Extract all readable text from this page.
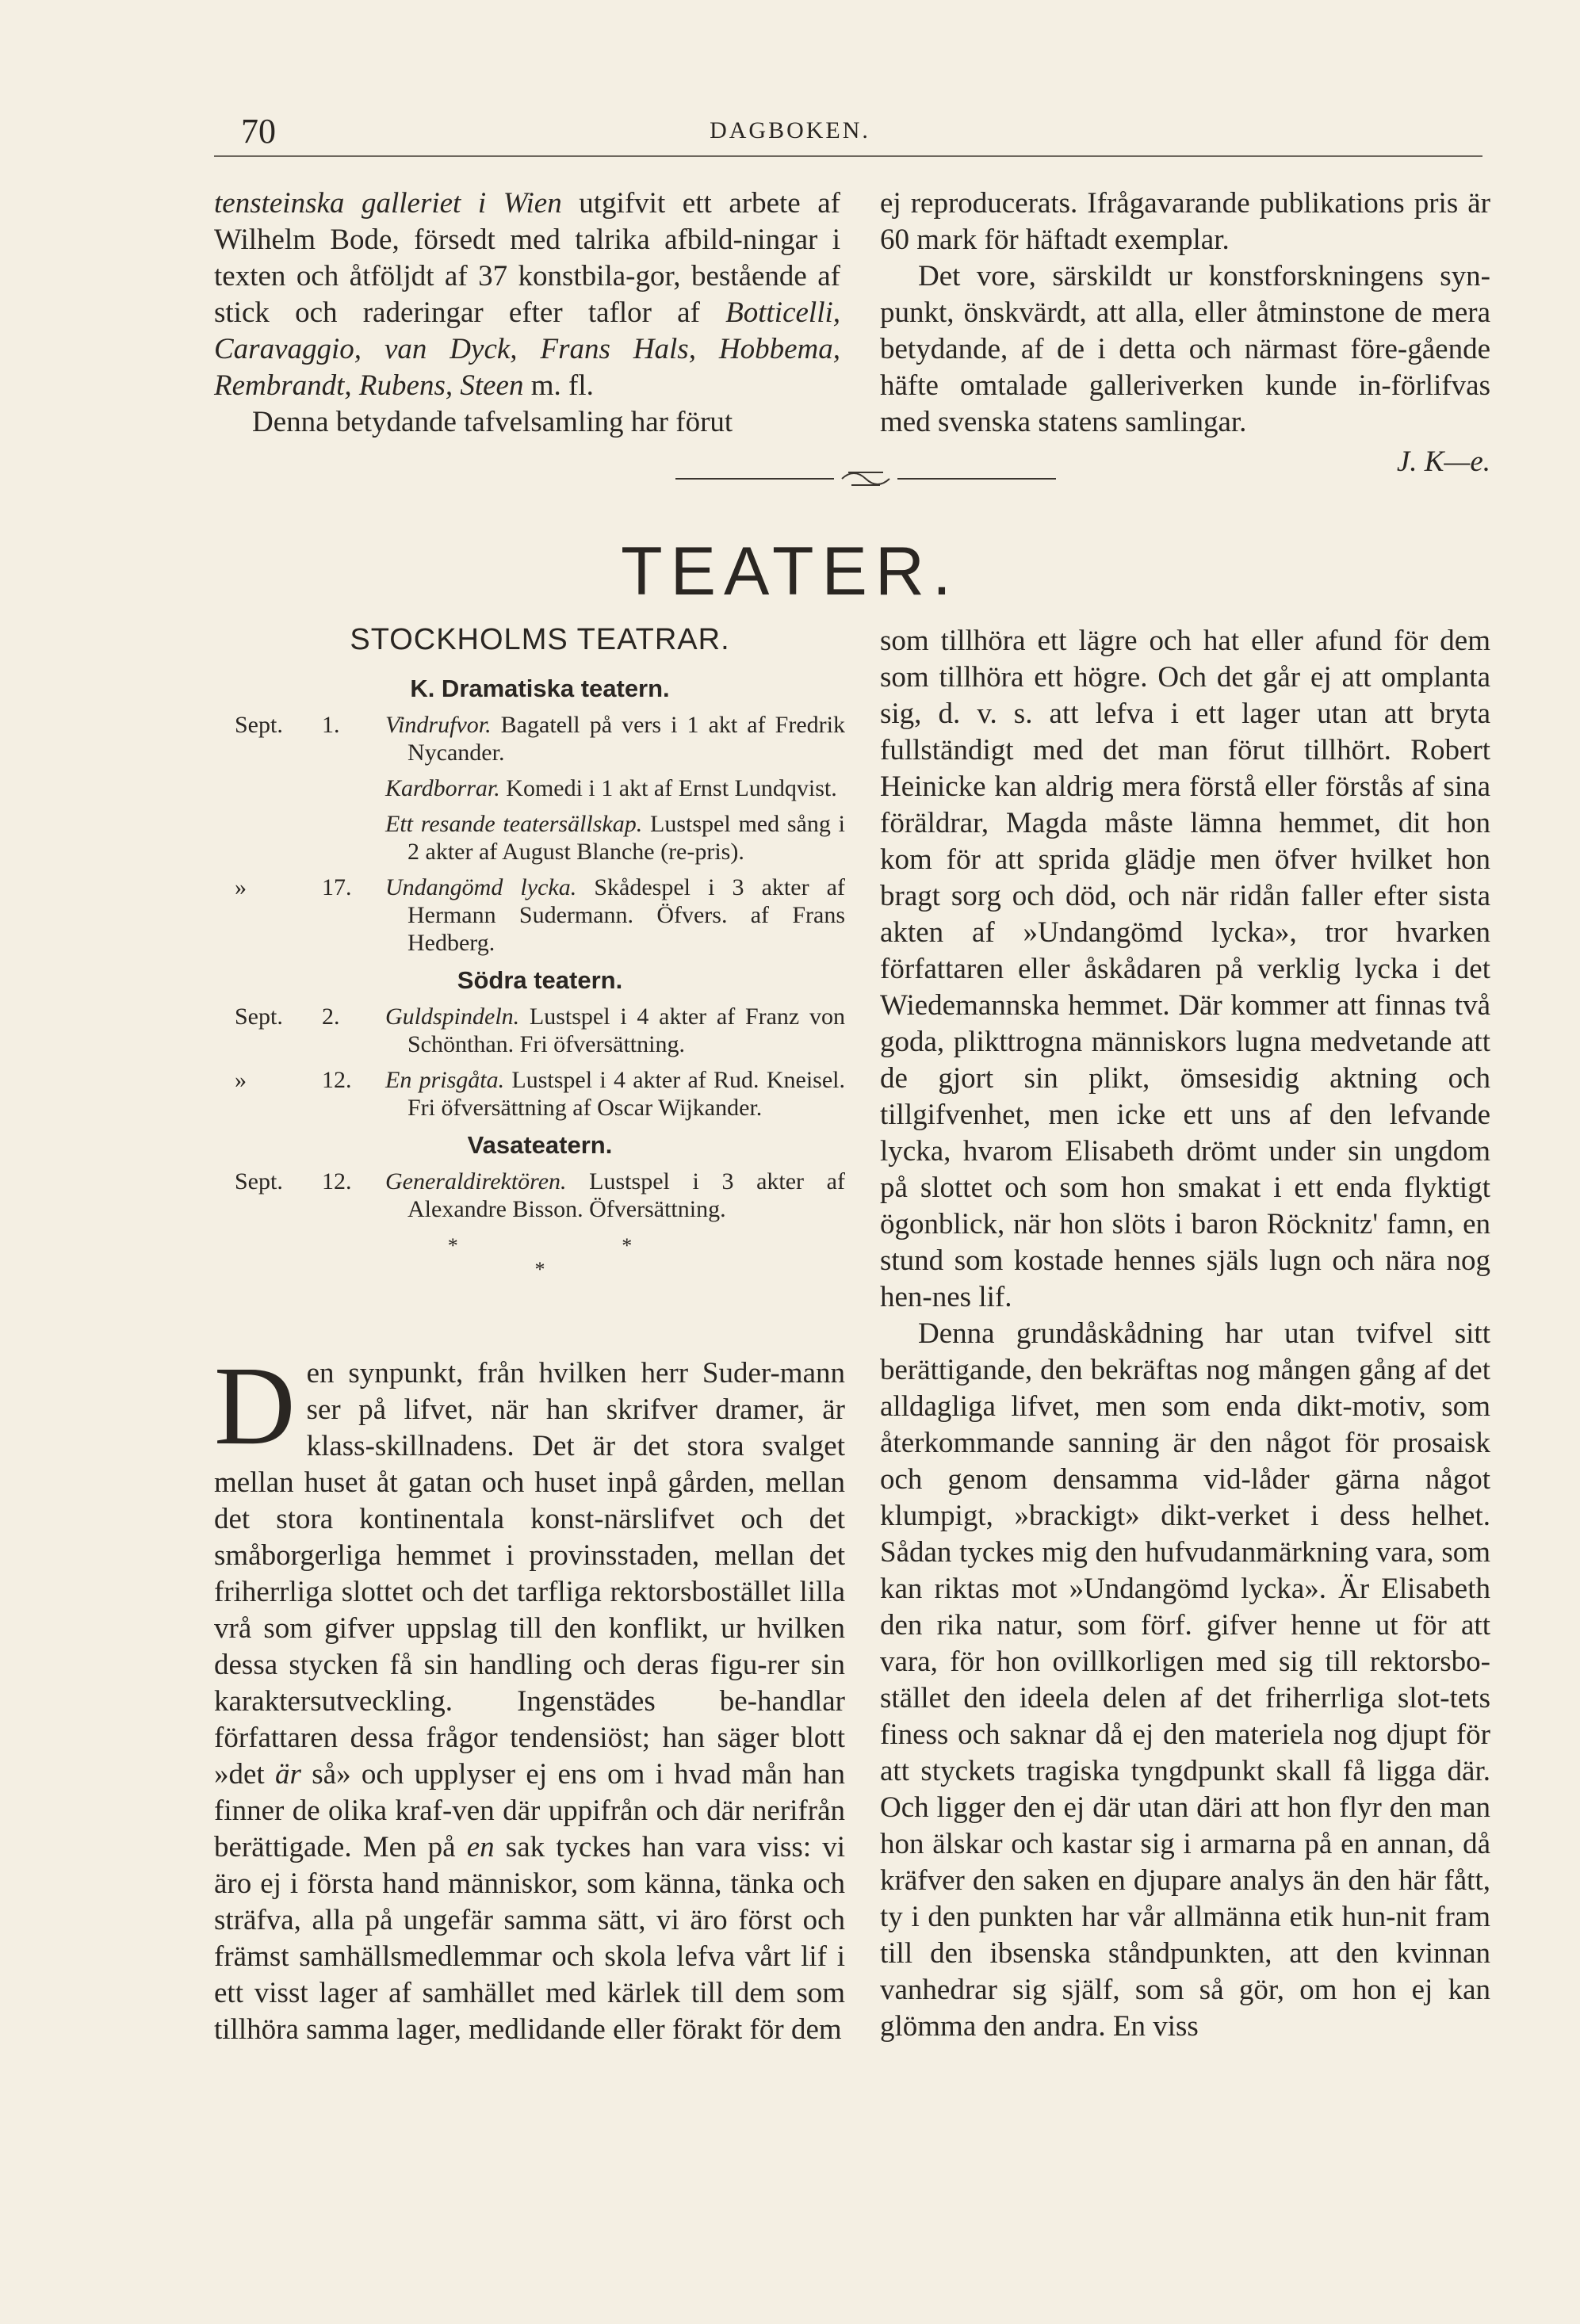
70	DAGBOKEN.

tensteinska galleriet i Wien utgifvit ett arbete af Wilhelm Bode, försedt med talrika afbild-ningar i texten och åtföljdt af 37 konstbila-gor, bestående af stick och raderingar efter taflor af Botticelli, Caravaggio, van Dyck, Frans Hals, Hobbema, Rembrandt, Rubens, Steen m. fl.

Denna betydande tafvelsamling har förut

ej reproducerats. Ifrågavarande publikations pris är 60 mark för häftadt exemplar.

Det vore, särskildt ur konstforskningens syn-punkt, önskvärdt, att alla, eller åtminstone de mera betydande, af de i detta och närmast före-gående häfte omtalade galleriverken kunde in-förlifvas med svenska statens samlingar.

J. K—e.

TEATER.
STOCKHOLMS TEATRAR.
K. Dramatiska teatern.
Sept.	1.	Vindrufvor. Bagatell på vers i 1 akt af Fredrik Nycander.
Kardborrar. Komedi i 1 akt af Ernst Lundqvist.
Ett resande teatersällskap. Lustspel med sång i 2 akter af August Blanche (re-pris).
»	17.	Undangömd lycka. Skådespel i 3 akter af Hermann Sudermann. Öfvers. af Frans Hedberg.
Södra teatern.
Sept.	2.	Guldspindeln. Lustspel i 4 akter af Franz von Schönthan. Fri öfversättning.
»	12.	En prisgåta. Lustspel i 4 akter af Rud. Kneisel. Fri öfversättning af Oscar Wijkander.
Vasateatern.
Sept.	12.	Generaldirektören. Lustspel i 3 akter af Alexandre Bisson. Öfversättning.
* *
*

Den synpunkt, från hvilken herr Suder-mann ser på lifvet, när han skrifver dramer, är klass-skillnadens. Det är det stora svalget mellan huset åt gatan och huset inpå gården, mellan det stora kontinentala konst-närslifvet och det småborgerliga hemmet i provinsstaden, mellan det friherrliga slottet och det tarfliga rektorsbostället lilla vrå som gifver uppslag till den konflikt, ur hvilken dessa stycken få sin handling och deras figu-rer sin karaktersutveckling. Ingenstädes be-handlar författaren dessa frågor tendensiöst; han säger blott »det är så» och upplyser ej ens om i hvad mån han finner de olika kraf-ven där uppifrån och där nerifrån berättigade. Men på en sak tyckes han vara viss: vi äro ej i första hand människor, som känna, tänka och sträfva, alla på ungefär samma sätt, vi äro först och främst samhällsmedlemmar och skola lefva vårt lif i ett visst lager af samhället med kärlek till dem som tillhöra samma lager, medlidande eller förakt för dem

som tillhöra ett lägre och hat eller afund för dem som tillhöra ett högre. Och det går ej att omplanta sig, d. v. s. att lefva i ett lager utan att bryta fullständigt med det man förut tillhört. Robert Heinicke kan aldrig mera förstå eller förstås af sina föräldrar, Magda måste lämna hemmet, dit hon kom för att sprida glädje men öfver hvilket hon bragt sorg och död, och när ridån faller efter sista akten af »Undangömd lycka», tror hvarken författaren eller åskådaren på verklig lycka i det Wiedemannska hemmet. Där kommer att finnas två goda, plikttrogna människors lugna medvetande att de gjort sin plikt, ömsesidig aktning och tillgifvenhet, men icke ett uns af den lefvande lycka, hvarom Elisabeth drömt under sin ungdom på slottet och som hon smakat i ett enda flyktigt ögonblick, när hon slöts i baron Röcknitz' famn, en stund som kostade hennes själs lugn och nära nog hen-nes lif.

Denna grundåskådning har utan tvifvel sitt berättigande, den bekräftas nog mången gång af det alldagliga lifvet, men som enda dikt-motiv, som återkommande sanning är den något för prosaisk och genom densamma vid-låder gärna något klumpigt, »brackigt» dikt-verket i dess helhet. Sådan tyckes mig den hufvudanmärkning vara, som kan riktas mot »Undangömd lycka». Är Elisabeth den rika natur, som förf. gifver henne ut för att vara, för hon ovillkorligen med sig till rektorsbo-stället den ideela delen af det friherrliga slot-tets finess och saknar då ej den materiela nog djupt för att styckets tragiska tyngdpunkt skall få ligga där. Och ligger den ej där utan däri att hon flyr den man hon älskar och kastar sig i armarna på en annan, då kräfver den saken en djupare analys än den här fått, ty i den punkten har vår allmänna etik hun-nit fram till den ibsenska ståndpunkten, att den kvinnan vanhedrar sig själf, som så gör, om hon ej kan glömma den andra. En viss
